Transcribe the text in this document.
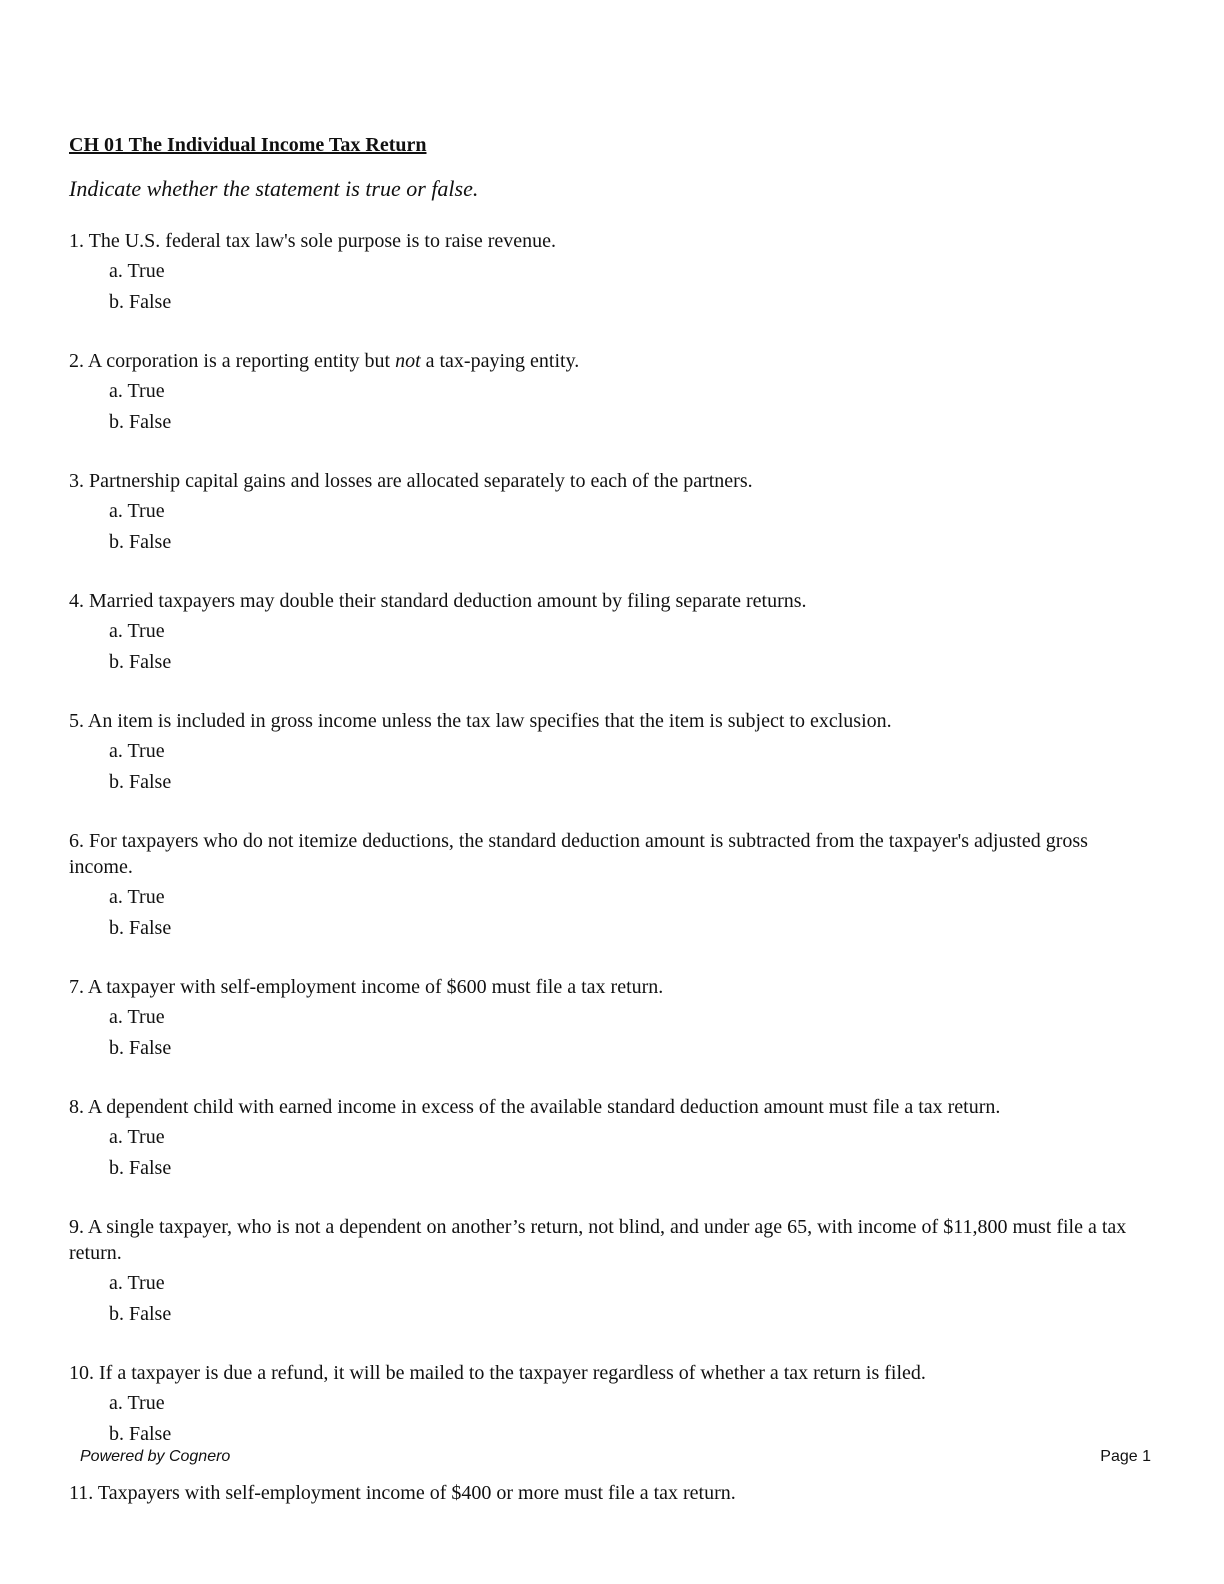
CH 01 The Individual Income Tax Return

Indicate whether the statement is true or false.

1. The U.S. federal tax law's sole purpose is to raise revenue.

a. True
b. False

2. A corporation is a reporting entity but not a tax-paying entity.

a. True
b. False

3. Partnership capital gains and losses are allocated separately to each of the partners.

a. True
b. False

4. Married taxpayers may double their standard deduction amount by filing separate returns.

a. True
b. False

5. An item is included in gross income unless the tax law specifies that the item is subject to exclusion.

a. True
b. False

6. For taxpayers who do not itemize deductions, the standard deduction amount is subtracted from the taxpayer's adjusted gross income.

a. True
b. False

7. A taxpayer with self-employment income of $600 must file a tax return.

a. True
b. False

8. A dependent child with earned income in excess of the available standard deduction amount must file a tax return.

a. True
b. False

9. A single taxpayer, who is not a dependent on another’s return, not blind, and under age 65, with income of $11,800 must file a tax return.

a. True
b. False

10. If a taxpayer is due a refund, it will be mailed to the taxpayer regardless of whether a tax return is filed.

a. True
b. False

11. Taxpayers with self-employment income of $400 or more must file a tax return.

Powered by Cognero	Page 1
